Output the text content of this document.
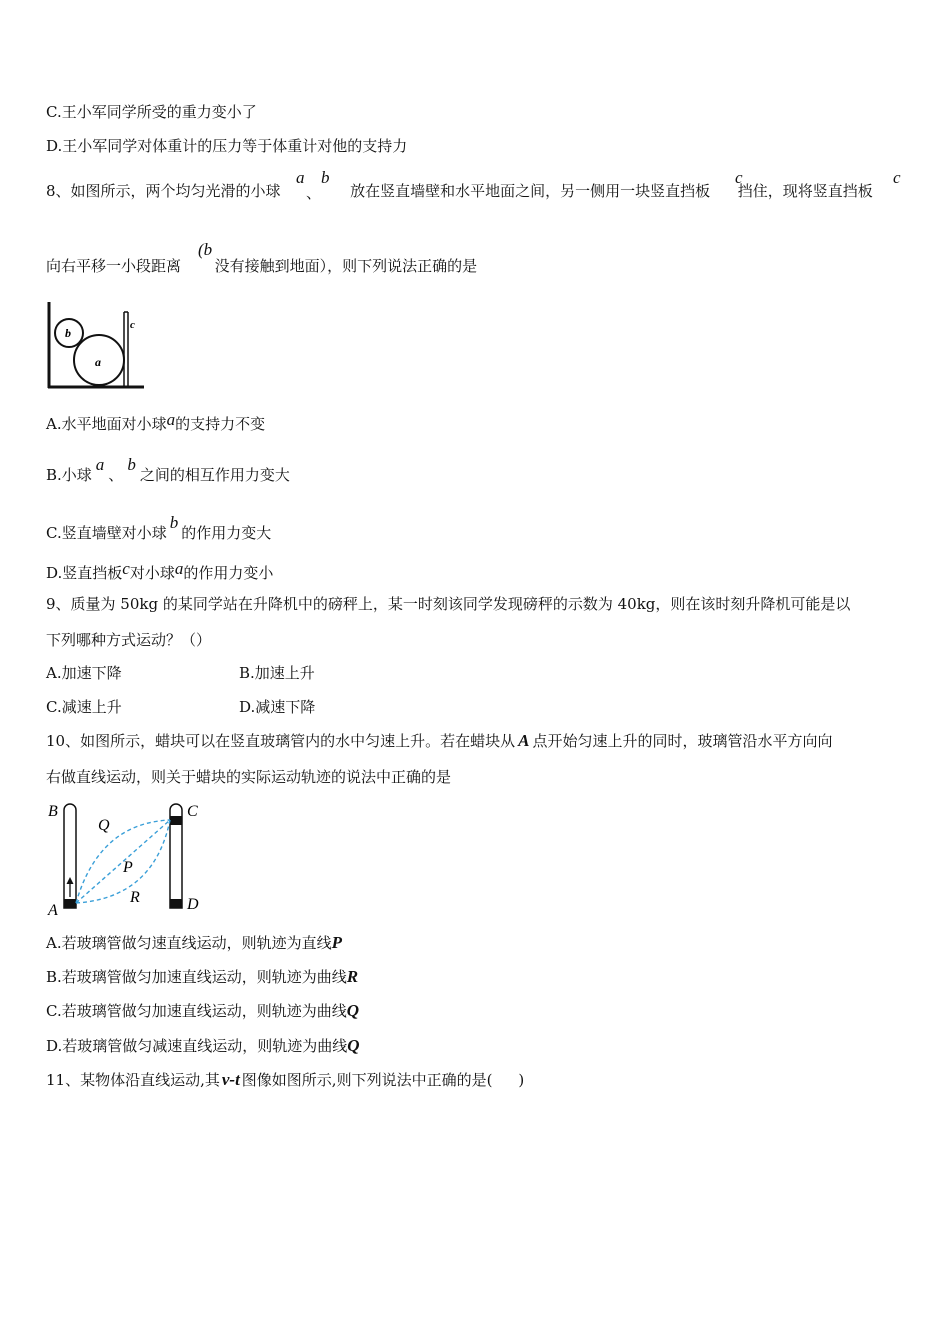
C.王小军同学所受的重力变小了
D.王小军同学对体重计的压力等于体重计对他的支持力
8、如图所示，两个均匀光滑的小球	放在竖直墙壁和水平地面之间，另一侧用一块竖直挡板 挡住，现将竖直挡板
a
、
b	c	c
向右平移一小段距离 没有接触到地面），则下列说法正确的是
(b
b
a
c
A.水平地面对小球a的支持力不变
B.小球a、b之间的相互作用力变大
C.竖直墙壁对小球b的作用力变大
D.竖直挡板c对小球a的作用力变小
9、质量为 50kg 的某同学站在升降机中的磅秤上，某一时刻该同学发现磅秤的示数为 40kg，则在该时刻升降机可能是以
下列哪种方式运动？（）
A.加速下降	B.加速上升
C.减速上升	D.减速下降
10、如图所示，蜡块可以在竖直玻璃管内的水中匀速上升。若在蜡块从 A 点开始匀速上升的同时，玻璃管沿水平方向向
右做直线运动，则关于蜡块的实际运动轨迹的说法中正确的是
B
Q
C
P
R
A	D
A.若玻璃管做匀速直线运动，则轨迹为直线P
B.若玻璃管做匀加速直线运动，则轨迹为曲线R
C.若玻璃管做匀加速直线运动，则轨迹为曲线Q
D.若玻璃管做匀减速直线运动，则轨迹为曲线Q
11、某物体沿直线运动,其 v-t 图像如图所示,则下列说法中正确的是( )
